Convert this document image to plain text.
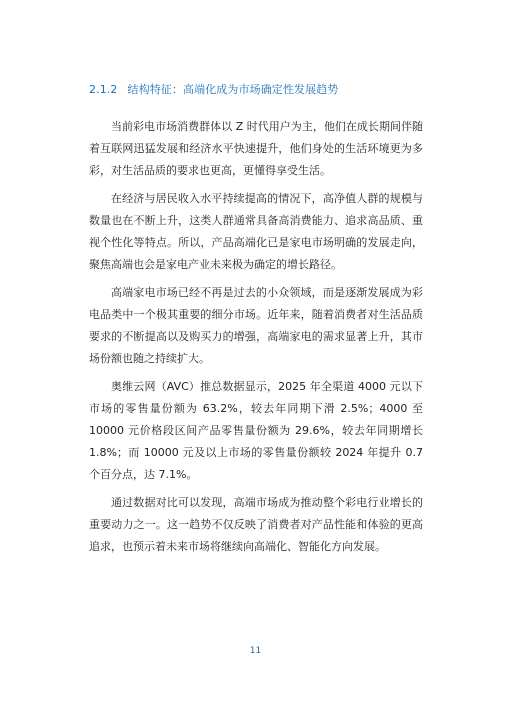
2.1.2 结构特征：高端化成为市场确定性发展趋势

当前彩电市场消费群体以 Z 时代用户为主，他们在成长期间伴随着互联网迅猛发展和经济水平快速提升，他们身处的生活环境更为多彩，对生活品质的要求也更高，更懂得享受生活。

在经济与居民收入水平持续提高的情况下，高净值人群的规模与数量也在不断上升，这类人群通常具备高消费能力、追求高品质、重视个性化等特点。所以，产品高端化已是家电市场明确的发展走向，聚焦高端也会是家电产业未来极为确定的增长路径。

高端家电市场已经不再是过去的小众领域，而是逐渐发展成为彩电品类中一个极其重要的细分市场。近年来，随着消费者对生活品质要求的不断提高以及购买力的增强，高端家电的需求显著上升，其市场份额也随之持续扩大。

奥维云网（AVC）推总数据显示，2025 年全渠道 4000 元以下市场的零售量份额为 63.2%，较去年同期下滑 2.5%；4000 至 10000 元价格段区间产品零售量份额为 29.6%，较去年同期增长 1.8%；而 10000 元及以上市场的零售量份额较 2024 年提升 0.7 个百分点，达 7.1%。

通过数据对比可以发现，高端市场成为推动整个彩电行业增长的重要动力之一。这一趋势不仅反映了消费者对产品性能和体验的更高追求，也预示着未来市场将继续向高端化、智能化方向发展。

11
